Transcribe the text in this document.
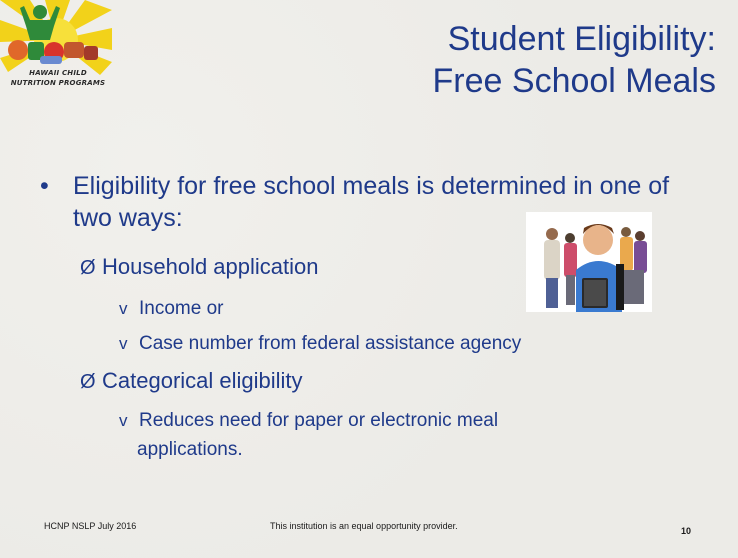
HAWAII CHILD
NUTRITION PROGRAMS
Student Eligibility:
Free School Meals
• Eligibility for free school meals is determined in one of two ways:
Ø Household application
v Income or
v Case number from federal assistance agency
Ø Categorical eligibility
v Reduces need for paper or electronic meal
applications.
HCNP NSLP July 2016	This institution is an equal opportunity provider.	10
